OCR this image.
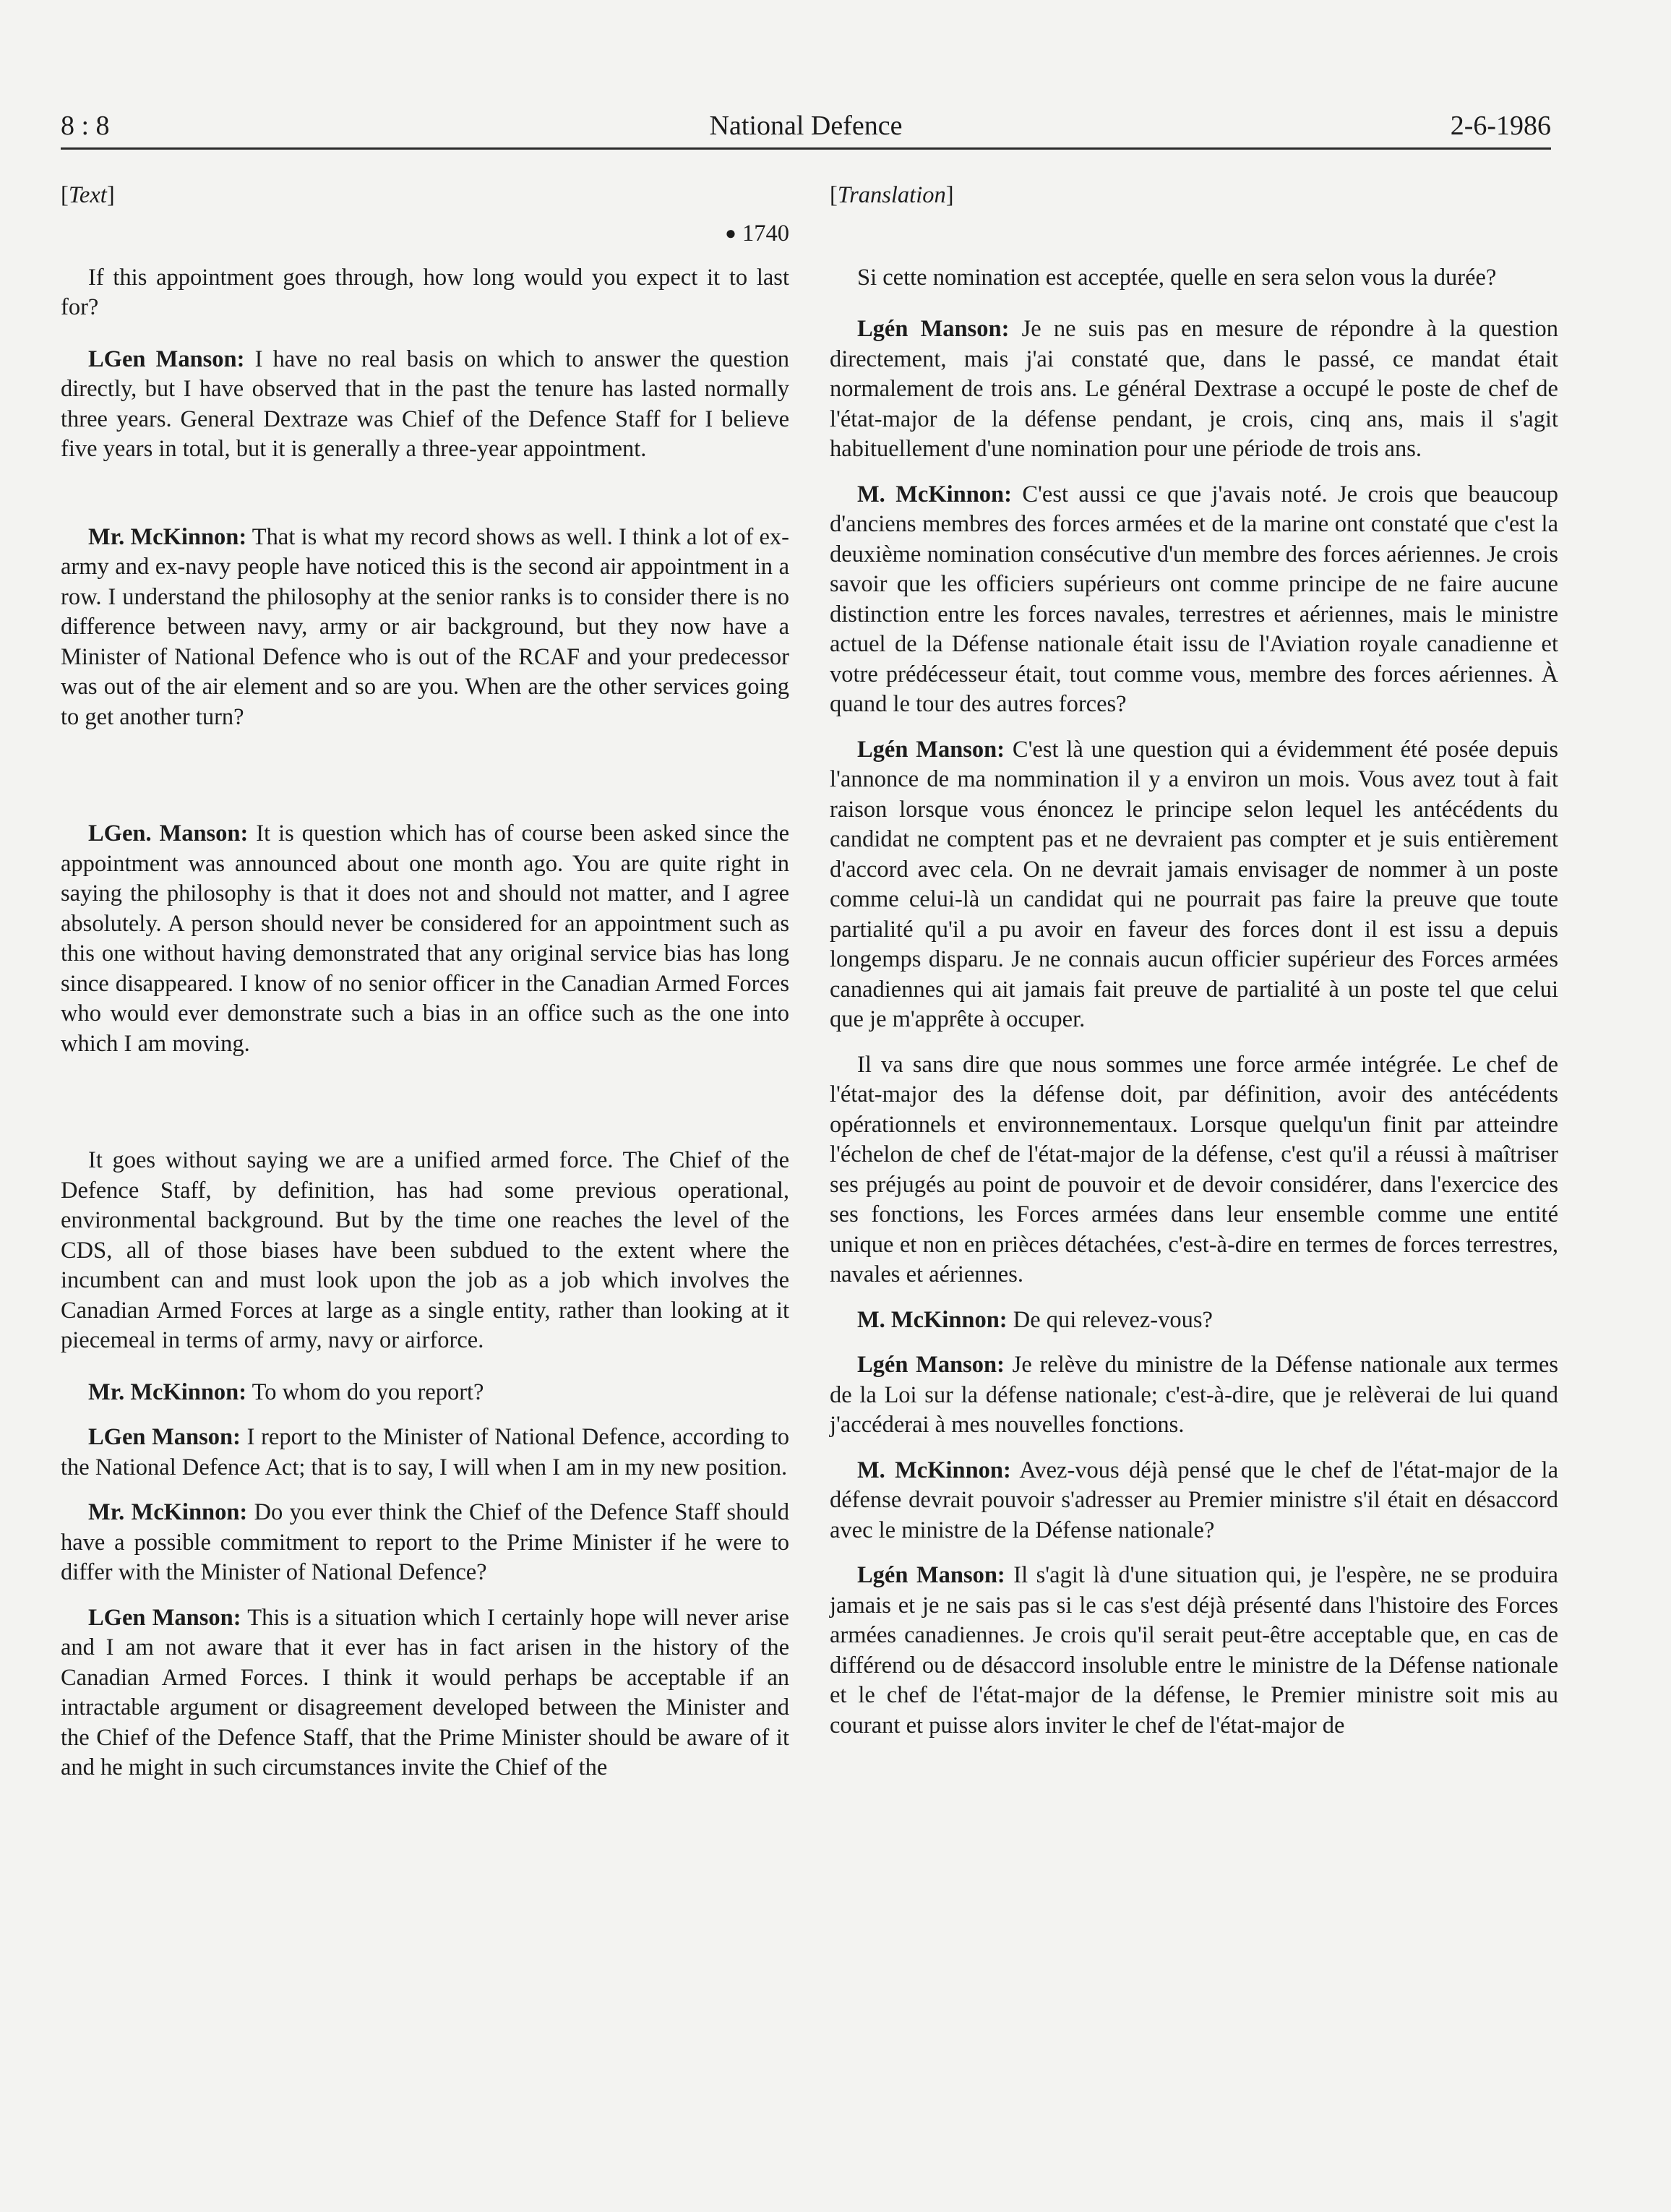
8 : 8	National Defence	2-6-1986
[Text]
● 1740

If this appointment goes through, how long would you expect it to last for?

LGen Manson: I have no real basis on which to answer the question directly, but I have observed that in the past the tenure has lasted normally three years. General Dextraze was Chief of the Defence Staff for I believe five years in total, but it is generally a three-year appointment.

Mr. McKinnon: That is what my record shows as well. I think a lot of ex-army and ex-navy people have noticed this is the second air appointment in a row. I understand the philosophy at the senior ranks is to consider there is no difference between navy, army or air background, but they now have a Minister of National Defence who is out of the RCAF and your predecessor was out of the air element and so are you. When are the other services going to get another turn?

LGen. Manson: It is question which has of course been asked since the appointment was announced about one month ago. You are quite right in saying the philosophy is that it does not and should not matter, and I agree absolutely. A person should never be considered for an appointment such as this one without having demonstrated that any original service bias has long since disappeared. I know of no senior officer in the Canadian Armed Forces who would ever demonstrate such a bias in an office such as the one into which I am moving.

It goes without saying we are a unified armed force. The Chief of the Defence Staff, by definition, has had some previous operational, environmental background. But by the time one reaches the level of the CDS, all of those biases have been subdued to the extent where the incumbent can and must look upon the job as a job which involves the Canadian Armed Forces at large as a single entity, rather than looking at it piecemeal in terms of army, navy or airforce.

Mr. McKinnon: To whom do you report?

LGen Manson: I report to the Minister of National Defence, according to the National Defence Act; that is to say, I will when I am in my new position.

Mr. McKinnon: Do you ever think the Chief of the Defence Staff should have a possible commitment to report to the Prime Minister if he were to differ with the Minister of National Defence?

LGen Manson: This is a situation which I certainly hope will never arise and I am not aware that it ever has in fact arisen in the history of the Canadian Armed Forces. I think it would perhaps be acceptable if an intractable argument or disagreement developed between the Minister and the Chief of the Defence Staff, that the Prime Minister should be aware of it and he might in such circumstances invite the Chief of the

[Translation]

Si cette nomination est acceptée, quelle en sera selon vous la durée?

Lgén Manson: Je ne suis pas en mesure de répondre à la question directement, mais j'ai constaté que, dans le passé, ce mandat était normalement de trois ans. Le général Dextrase a occupé le poste de chef de l'état-major de la défense pendant, je crois, cinq ans, mais il s'agit habituellement d'une nomination pour une période de trois ans.

M. McKinnon: C'est aussi ce que j'avais noté. Je crois que beaucoup d'anciens membres des forces armées et de la marine ont constaté que c'est la deuxième nomination consécutive d'un membre des forces aériennes. Je crois savoir que les officiers supérieurs ont comme principe de ne faire aucune distinction entre les forces navales, terrestres et aériennes, mais le ministre actuel de la Défense nationale était issu de l'Aviation royale canadienne et votre prédécesseur était, tout comme vous, membre des forces aériennes. À quand le tour des autres forces?

Lgén Manson: C'est là une question qui a évidemment été posée depuis l'annonce de ma nommination il y a environ un mois. Vous avez tout à fait raison lorsque vous énoncez le principe selon lequel les antécédents du candidat ne comptent pas et ne devraient pas compter et je suis entièrement d'accord avec cela. On ne devrait jamais envisager de nommer à un poste comme celui-là un candidat qui ne pourrait pas faire la preuve que toute partialité qu'il a pu avoir en faveur des forces dont il est issu a depuis longemps disparu. Je ne connais aucun officier supérieur des Forces armées canadiennes qui ait jamais fait preuve de partialité à un poste tel que celui que je m'apprête à occuper.

Il va sans dire que nous sommes une force armée intégrée. Le chef de l'état-major des la défense doit, par définition, avoir des antécédents opérationnels et environnementaux. Lorsque quelqu'un finit par atteindre l'échelon de chef de l'état-major de la défense, c'est qu'il a réussi à maîtriser ses préjugés au point de pouvoir et de devoir considérer, dans l'exercice des ses fonctions, les Forces armées dans leur ensemble comme une entité unique et non en prièces détachées, c'est-à-dire en termes de forces terrestres, navales et aériennes.

M. McKinnon: De qui relevez-vous?

Lgén Manson: Je relève du ministre de la Défense nationale aux termes de la Loi sur la défense nationale; c'est-à-dire, que je relèverai de lui quand j'accéderai à mes nouvelles fonctions.

M. McKinnon: Avez-vous déjà pensé que le chef de l'état-major de la défense devrait pouvoir s'adresser au Premier ministre s'il était en désaccord avec le ministre de la Défense nationale?

Lgén Manson: Il s'agit là d'une situation qui, je l'espère, ne se produira jamais et je ne sais pas si le cas s'est déjà présenté dans l'histoire des Forces armées canadiennes. Je crois qu'il serait peut-être acceptable que, en cas de différend ou de désaccord insoluble entre le ministre de la Défense nationale et le chef de l'état-major de la défense, le Premier ministre soit mis au courant et puisse alors inviter le chef de l'état-major de
